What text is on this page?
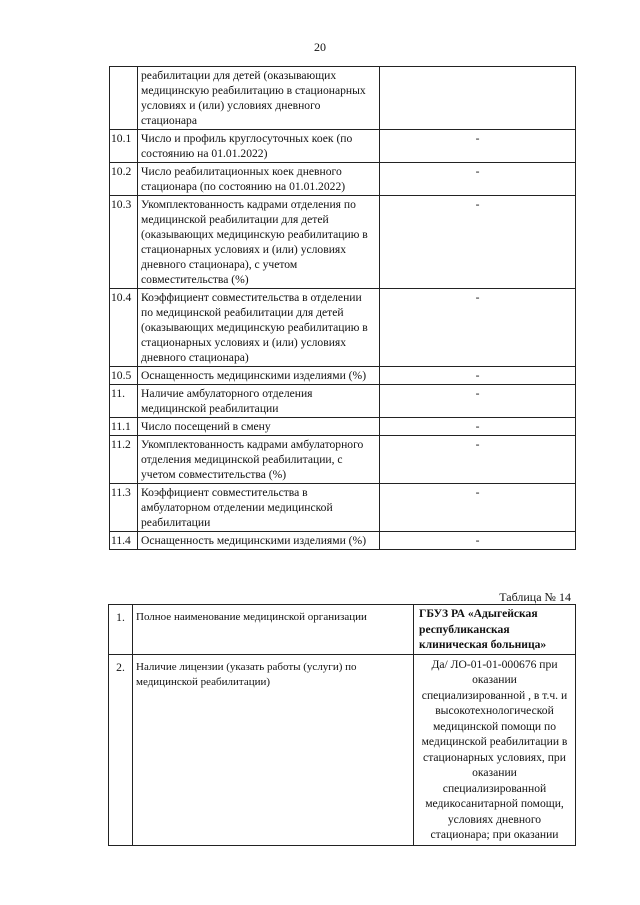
20
	реабилитации для детей (оказывающих медицинскую реабилитацию в стационарных условиях и (или) условиях дневного стационара	
10.1	Число и профиль круглосуточных коек (по состоянию на 01.01.2022)	-
10.2	Число реабилитационных коек дневного стационара (по состоянию на 01.01.2022)	-
10.3	Укомплектованность кадрами отделения по медицинской реабилитации для детей (оказывающих медицинскую реабилитацию в стационарных условиях и (или) условиях дневного стационара), с учетом совместительства (%)	-
10.4	Коэффициент совместительства в отделении по медицинской реабилитации для детей (оказывающих медицинскую реабилитацию в стационарных условиях и (или) условиях дневного стационара)	-
10.5	Оснащенность медицинскими изделиями (%)	-
11.	Наличие амбулаторного отделения медицинской реабилитации	-
11.1	Число посещений в смену	-
11.2	Укомплектованность кадрами амбулаторного отделения медицинской реабилитации, с учетом совместительства (%)	-
11.3	Коэффициент совместительства в амбулаторном отделении медицинской реабилитации	-
11.4	Оснащенность медицинскими изделиями (%)	-
Таблица № 14
1.	Полное наименование медицинской организации	ГБУЗ РА «Адыгейская республиканская клиническая больница»
2.	Наличие лицензии (указать работы (услуги) по медицинской реабилитации)	Да/ ЛО-01-01-000676 при оказании специализированной , в т.ч. и высокотехнологической медицинской помощи по медицинской реабилитации в стационарных условиях, при оказании специализированной медикосанитарной помощи, условиях дневного стационара; при оказании
